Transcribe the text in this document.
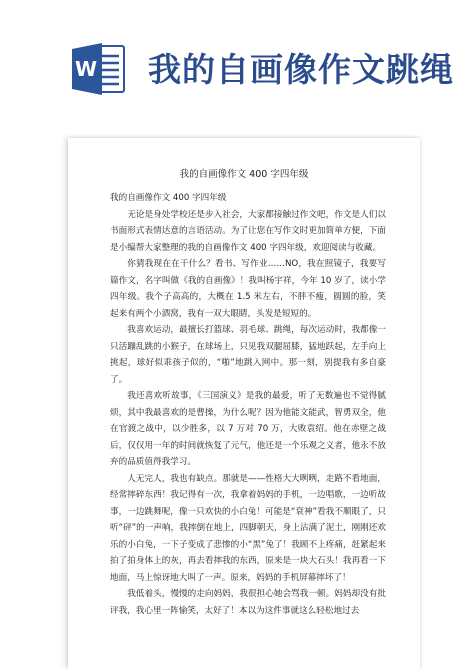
W 我的自画像作文跳绳
我的自画像作文 400 字四年级

我的自画像作文 400 字四年级

无论是身处学校还是步入社会，大家都接触过作文吧，作文是人们以书面形式表情达意的言语活动。为了让您在写作文时更加简单方便，下面是小编帮大家整理的我的自画像作文 400 字四年级，欢迎阅读与收藏。

你猜我现在在干什么？看书、写作业……NO，我在照镜子，我要写篇作文，名字叫做《我的自画像》！我叫杨宇祥，今年 10 岁了，读小学四年级。我个子高高的，大概在 1.5 米左右，不胖不瘦，圆圆的脸，笑起来有两个小酒窝，我有一双大眼睛，头发是短短的。

我喜欢运动，最擅长打篮球、羽毛球、跳绳，每次运动时，我都像一只活蹦乱跳的小猴子，在球场上，只见我双腿屈膝，猛地跃起，左手向上挑起，球好似乖孩子似的，“啪”地跳入网中。那一刻，别提我有多自豪了。

我还喜欢听故事，《三国演义》是我的最爱，听了无数遍也不觉得腻烦，其中我最喜欢的是曹操，为什么呢？因为他能文能武，智勇双全，他在官渡之战中，以少胜多，以 7 万对 70 万，大败袁绍。他在赤壁之战后，仅仅用一年的时间就恢复了元气，他还是一个乐观之义者，他永不放弃的品质值得我学习。

人无完人，我也有缺点。那就是——性格大大咧咧，走路不看地面，经常摔碎东西！我记得有一次，我拿着妈妈的手机，一边唱歌，一边听故事，一边跳舞呢，像一只欢快的小白兔！可能是“衰神”看我不顺眼了，只听“砰”的一声响，我摔倒在地上，四脚朝天，身上沾满了泥土，刚刚还欢乐的小白兔，一下子变成了悲惨的小“黑”兔了！我顾不上疼痛，赶紧起来拍了拍身体上的灰，再去看摔我的东西，原来是一块大石头！我再看一下地面，马上惊讶地大叫了一声。原来，妈妈的手机屏幕摔坏了！

我低着头，慢慢的走向妈妈，我很担心她会骂我一顿。妈妈却没有批评我，我心里一阵愉笑，太好了！本以为这件事就这么轻松地过去
